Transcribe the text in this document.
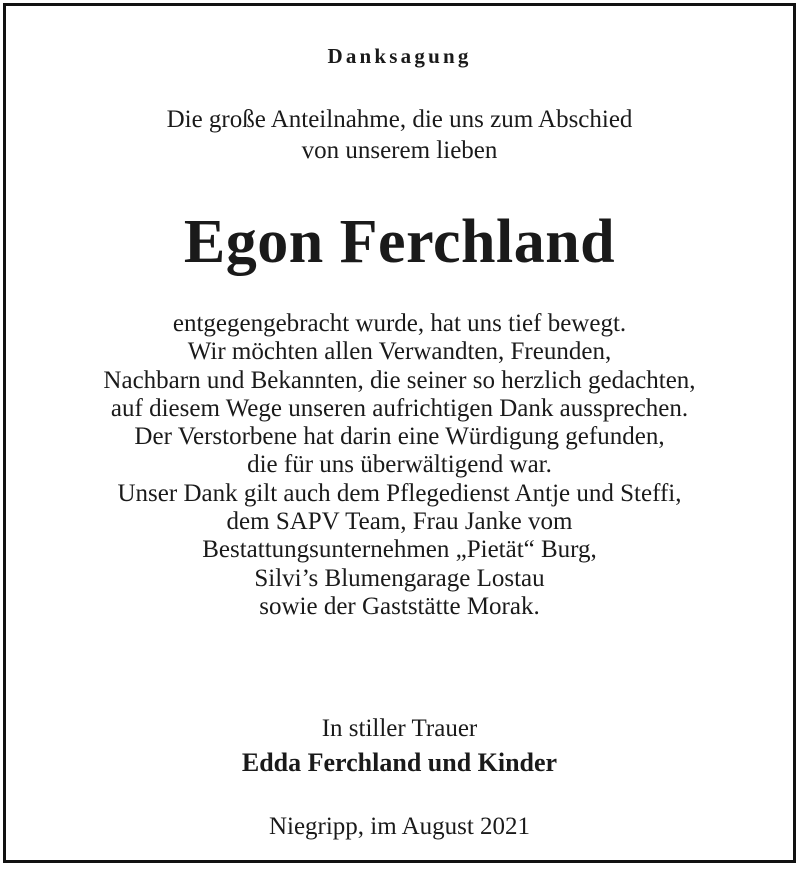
Danksagung
Die große Anteilnahme, die uns zum Abschied
von unserem lieben
Egon Ferchland
entgegengebracht wurde, hat uns tief bewegt.
Wir möchten allen Verwandten, Freunden,
Nachbarn und Bekannten, die seiner so herzlich gedachten,
auf diesem Wege unseren aufrichtigen Dank aussprechen.
Der Verstorbene hat darin eine Würdigung gefunden,
die für uns überwältigend war.
Unser Dank gilt auch dem Pflegedienst Antje und Steffi,
dem SAPV Team, Frau Janke vom
Bestattungsunternehmen „Pietät“ Burg,
Silvi’s Blumengarage Lostau
sowie der Gaststätte Morak.
In stiller Trauer
Edda Ferchland und Kinder
Niegripp, im August 2021
